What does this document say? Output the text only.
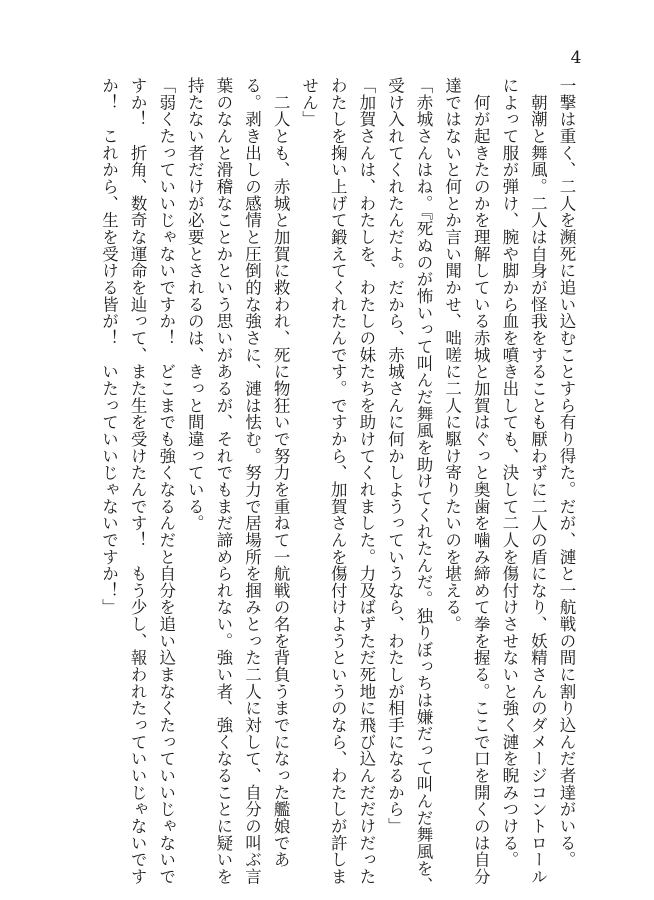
4

一撃は重く、二人を瀕死に追い込むことすら有り得た。だが、漣と一航戦の間に割り込んだ者達がいる。

　朝潮と舞風。二人は自身が怪我をすることも厭わずに二人の盾になり、妖精さんのダメージコントロール

によって服が弾け、腕や脚から血を噴き出しても、決して二人を傷付けさせないと強く漣を睨みつける。

　何が起きたのかを理解している赤城と加賀はぐっと奥歯を噛み締めて拳を握る。ここで口を開くのは自分

達ではないと何とか言い聞かせ、咄嗟に二人に駆け寄りたいのを堪える。

「赤城さんはね。『死ぬのが怖いって叫んだ舞風を助けてくれたんだ。独りぼっちは嫌だって叫んだ舞風を、

受け入れてくれたんだよ。だから、赤城さんに何かしようっていうなら、わたしが相手になるから」

「加賀さんは、わたしを、わたしの妹たちを助けてくれました。力及ばずただ死地に飛び込んだだけだった

わたしを掬い上げて鍛えてくれたんです。ですから、加賀さんを傷付けようというのなら、わたしが許しま

せん」

　二人とも、赤城と加賀に救われ、死に物狂いで努力を重ねて一航戦の名を背負うまでになった艦娘であ

る。剥き出しの感情と圧倒的な強さに、漣は怯む。努力で居場所を掴みとった二人に対して、自分の叫ぶ言

葉のなんと滑稽なことかという思いがあるが、それでもまだ諦められない。強い者、強くなることに疑いを

持たない者だけが必要とされるのは、きっと間違っている。

「弱くたっていいじゃないですか！　どこまでも強くなるんだと自分を追い込まなくたっていいじゃないで

すか！　折角、数奇な運命を辿って、また生を受けたんです！　もう少し、報われたっていいじゃないです

か！　これから、生を受ける皆が！　いたっていいじゃないですか！」
